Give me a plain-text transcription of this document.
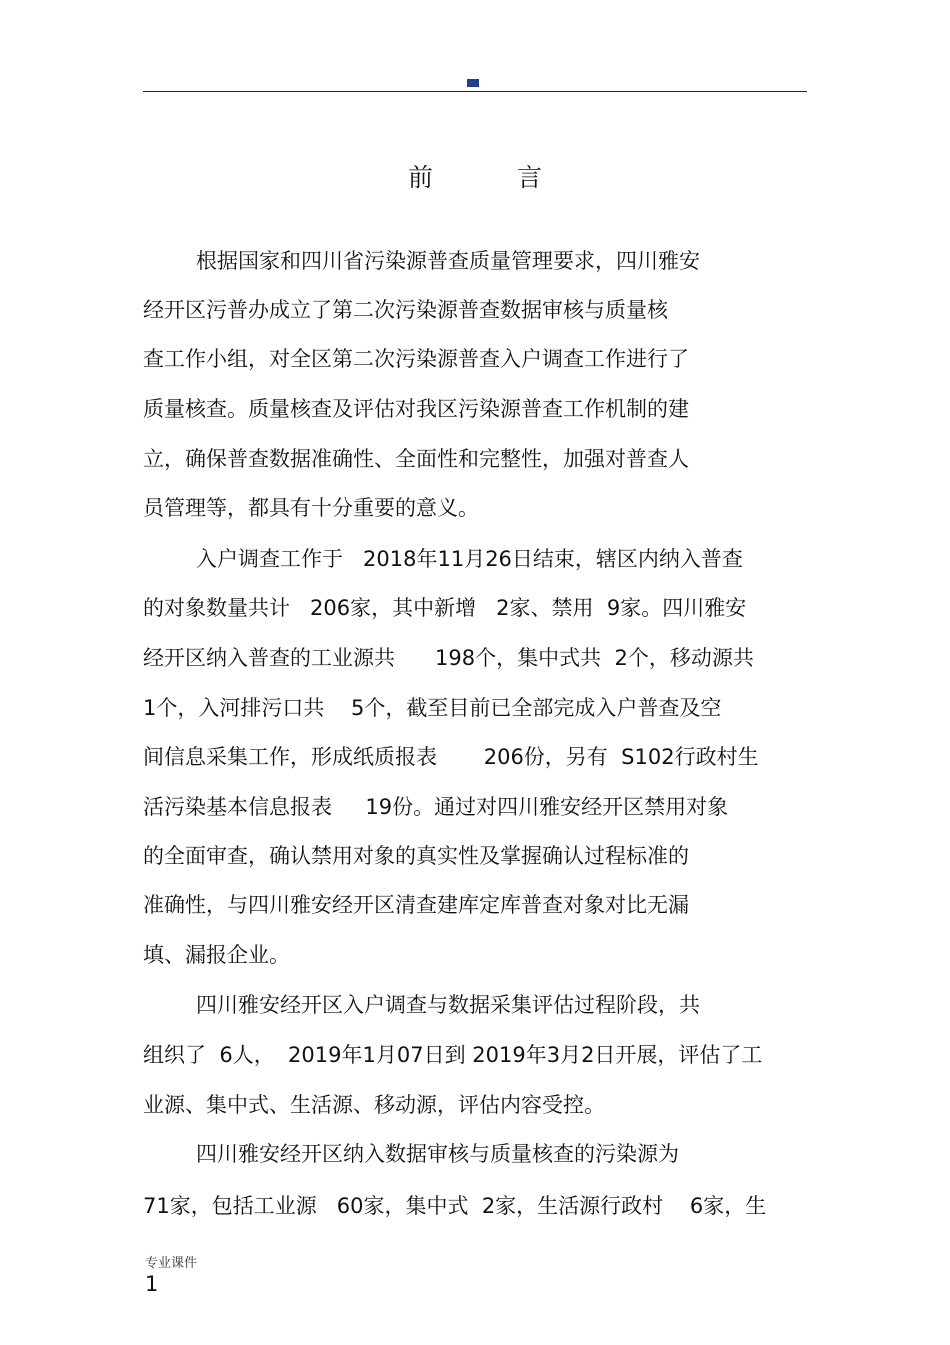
前 言
根据国家和四川省污染源普查质量管理要求，四川雅安
经开区污普办成立了第二次污染源普查数据审核与质量核
查工作小组，对全区第二次污染源普查入户调查工作进行了
质量核查。质量核查及评估对我区污染源普查工作机制的建
立，确保普查数据准确性、全面性和完整性，加强对普查人
员管理等，都具有十分重要的意义。
入户调查工作于   2018年11月26日结束，辖区内纳入普查
的对象数量共计   206家，其中新增   2家、禁用  9家。四川雅安
经开区纳入普查的工业源共      198个，集中式共  2个，移动源共
1个，入河排污口共    5个，截至目前已全部完成入户普查及空
间信息采集工作，形成纸质报表       206份，另有  S102行政村生
活污染基本信息报表     19份。通过对四川雅安经开区禁用对象
的全面审查，确认禁用对象的真实性及掌握确认过程标准的
准确性，与四川雅安经开区清查建库定库普查对象对比无漏
填、漏报企业。
四川雅安经开区入户调查与数据采集评估过程阶段，共
组织了  6人，  2019年1月07日到 2019年3月2日开展，评估了工
业源、集中式、生活源、移动源，评估内容受控。
四川雅安经开区纳入数据审核与质量核查的污染源为
71家，包括工业源   60家，集中式  2家，生活源行政村    6家，生
专业课件
1
